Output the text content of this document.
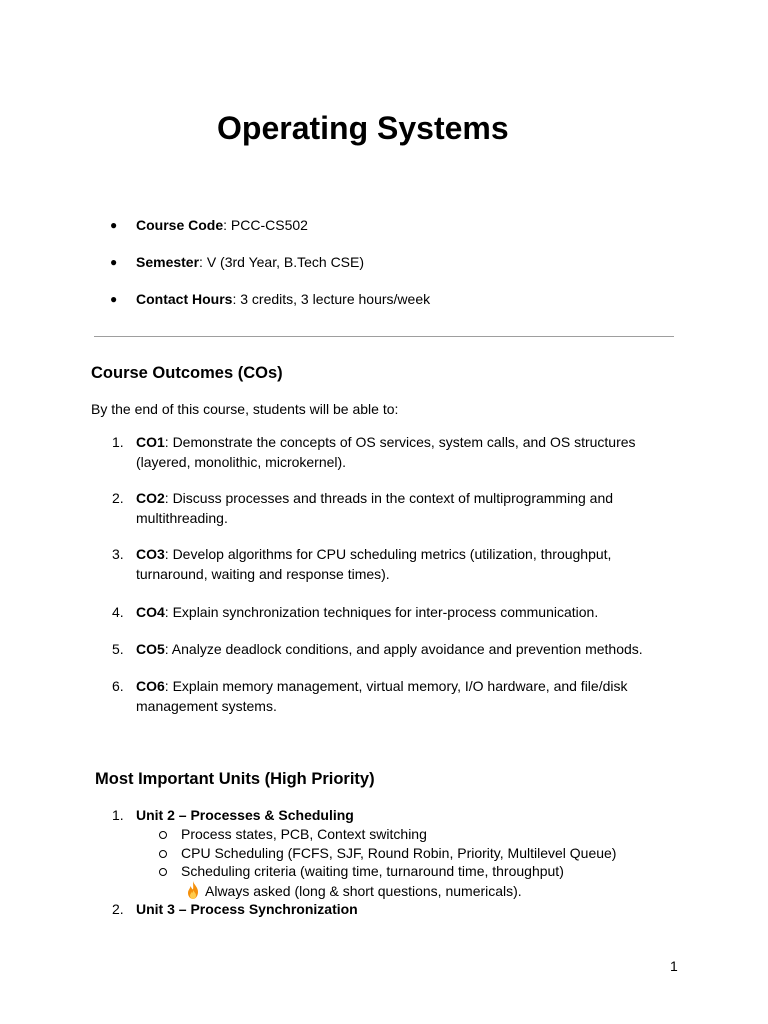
Operating Systems
● Course Code: PCC-CS502
● Semester: V (3rd Year, B.Tech CSE)
● Contact Hours: 3 credits, 3 lecture hours/week
Course Outcomes (COs)

By the end of this course, students will be able to:

1. CO1: Demonstrate the concepts of OS services, system calls, and OS structures (layered, monolithic, microkernel).
2. CO2: Discuss processes and threads in the context of multiprogramming and multithreading.
3. CO3: Develop algorithms for CPU scheduling metrics (utilization, throughput, turnaround, waiting and response times).
4. CO4: Explain synchronization techniques for inter-process communication.
5. CO5: Analyze deadlock conditions, and apply avoidance and prevention methods.
6. CO6: Explain memory management, virtual memory, I/O hardware, and file/disk management systems.
Most Important Units (High Priority)
1. Unit 2 – Processes & Scheduling
Process states, PCB, Context switching
CPU Scheduling (FCFS, SJF, Round Robin, Priority, Multilevel Queue)
Scheduling criteria (waiting time, turnaround time, throughput)
Always asked (long & short questions, numericals).
2. Unit 3 – Process Synchronization
1
